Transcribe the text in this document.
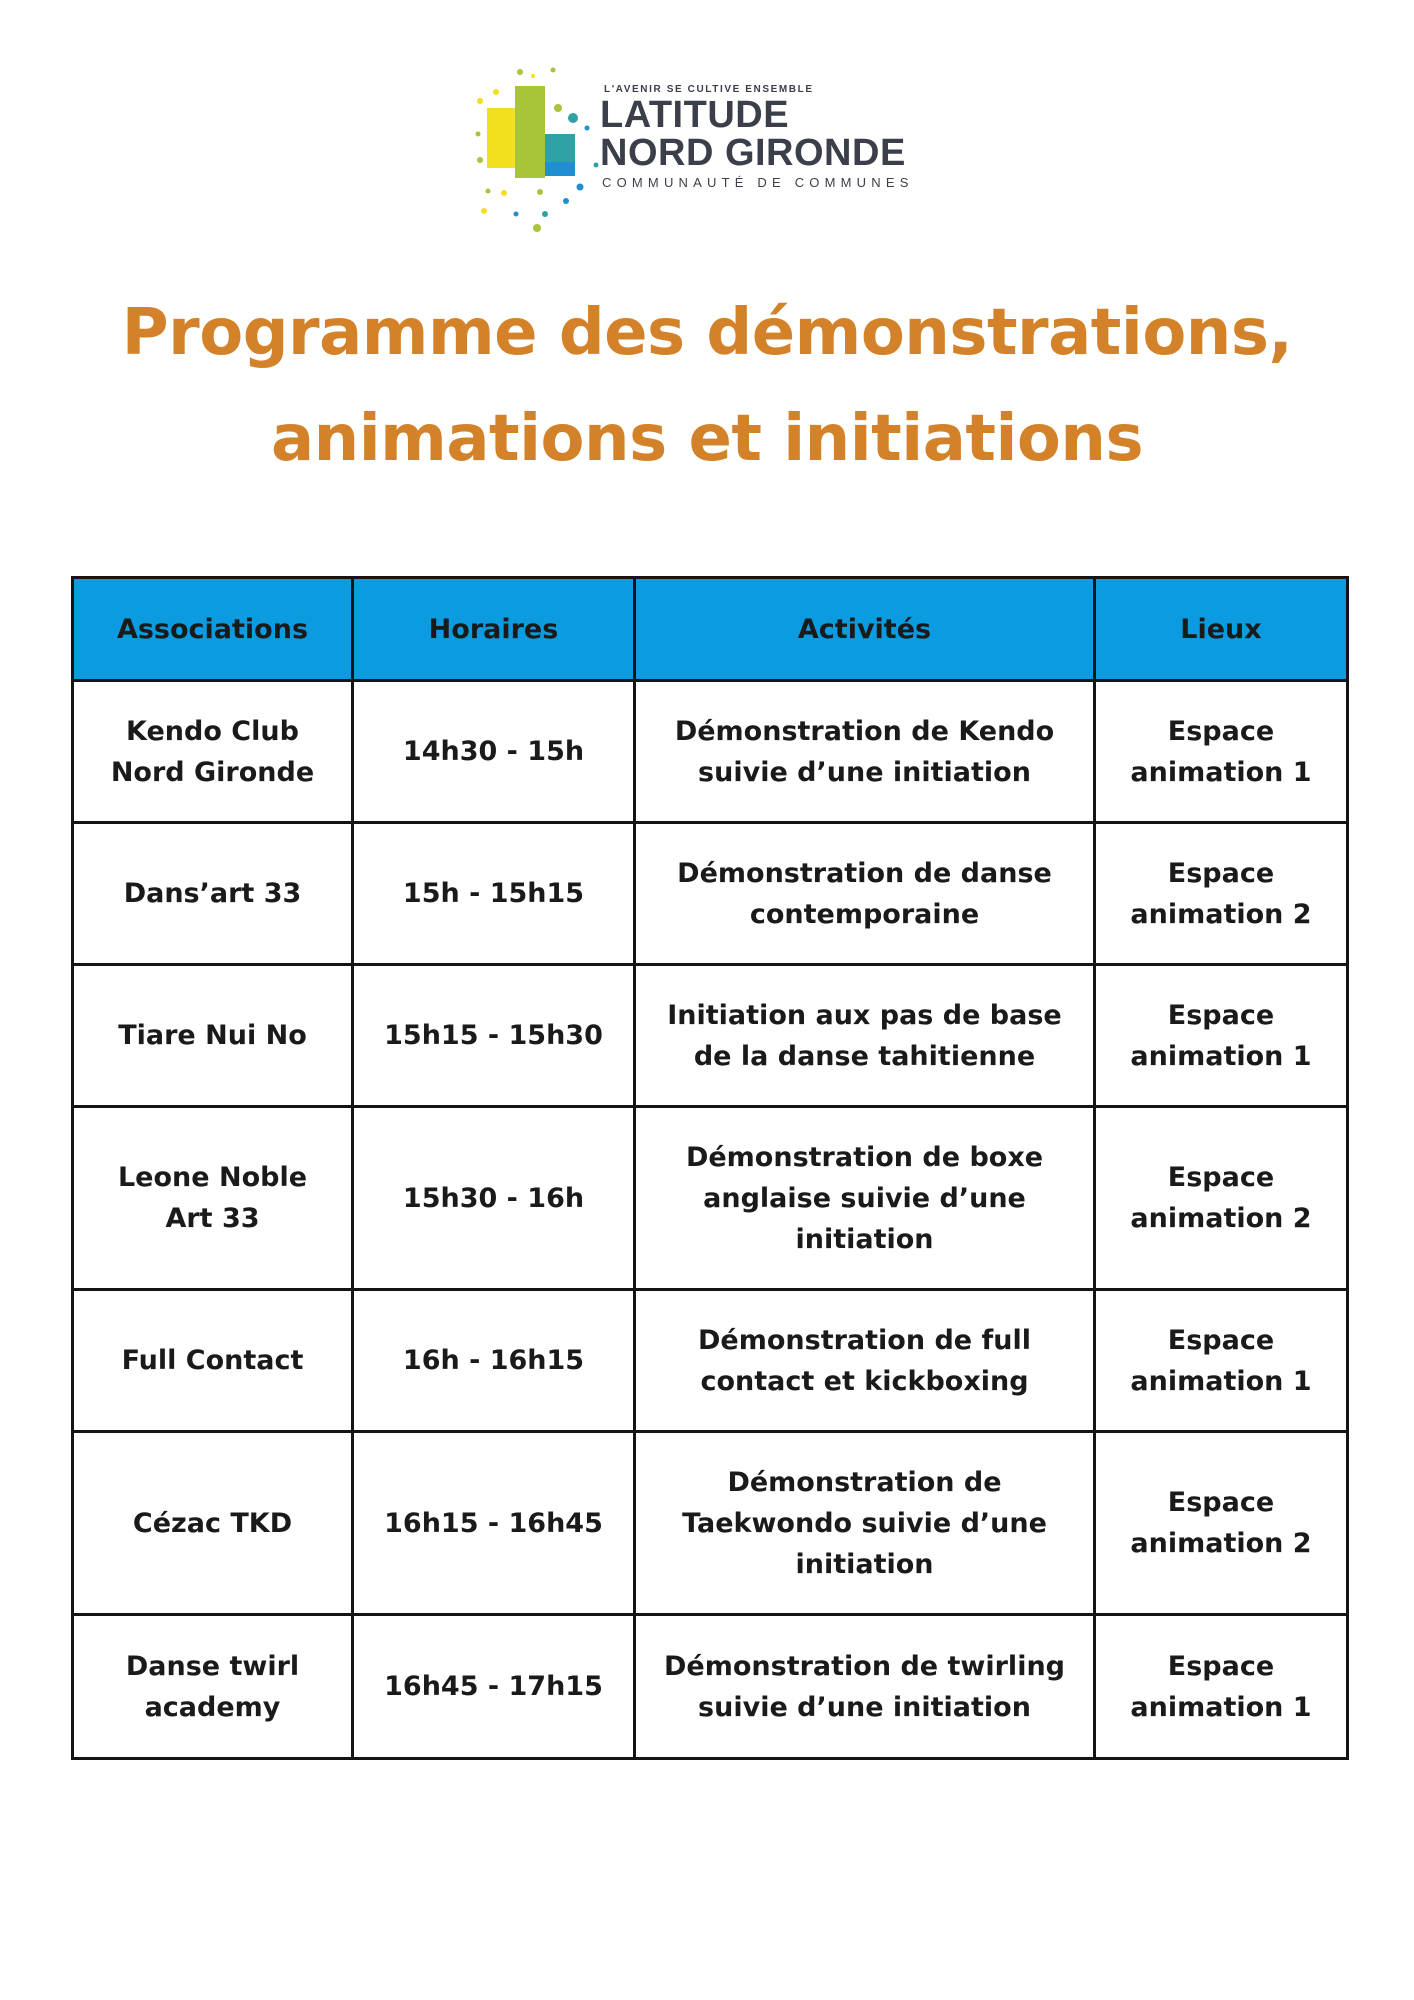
L'AVENIR SE CULTIVE ENSEMBLE
LATITUDE
NORD GIRONDE
COMMUNAUTÉ DE COMMUNES
Programme des démonstrations,
animations et initiations
Associations	Horaires	Activités	Lieux
Kendo Club Nord Gironde	14h30 - 15h	Démonstration de Kendo suivie d’une initiation	Espace animation 1
Dans’art 33	15h - 15h15	Démonstration de danse contemporaine	Espace animation 2
Tiare Nui No	15h15 - 15h30	Initiation aux pas de base de la danse tahitienne	Espace animation 1
Leone Noble Art 33	15h30 - 16h	Démonstration de boxe anglaise suivie d’une initiation	Espace animation 2
Full Contact	16h - 16h15	Démonstration de full contact et kickboxing	Espace animation 1
Cézac TKD	16h15 - 16h45	Démonstration de Taekwondo suivie d’une initiation	Espace animation 2
Danse twirl academy	16h45 - 17h15	Démonstration de twirling suivie d’une initiation	Espace animation 1
